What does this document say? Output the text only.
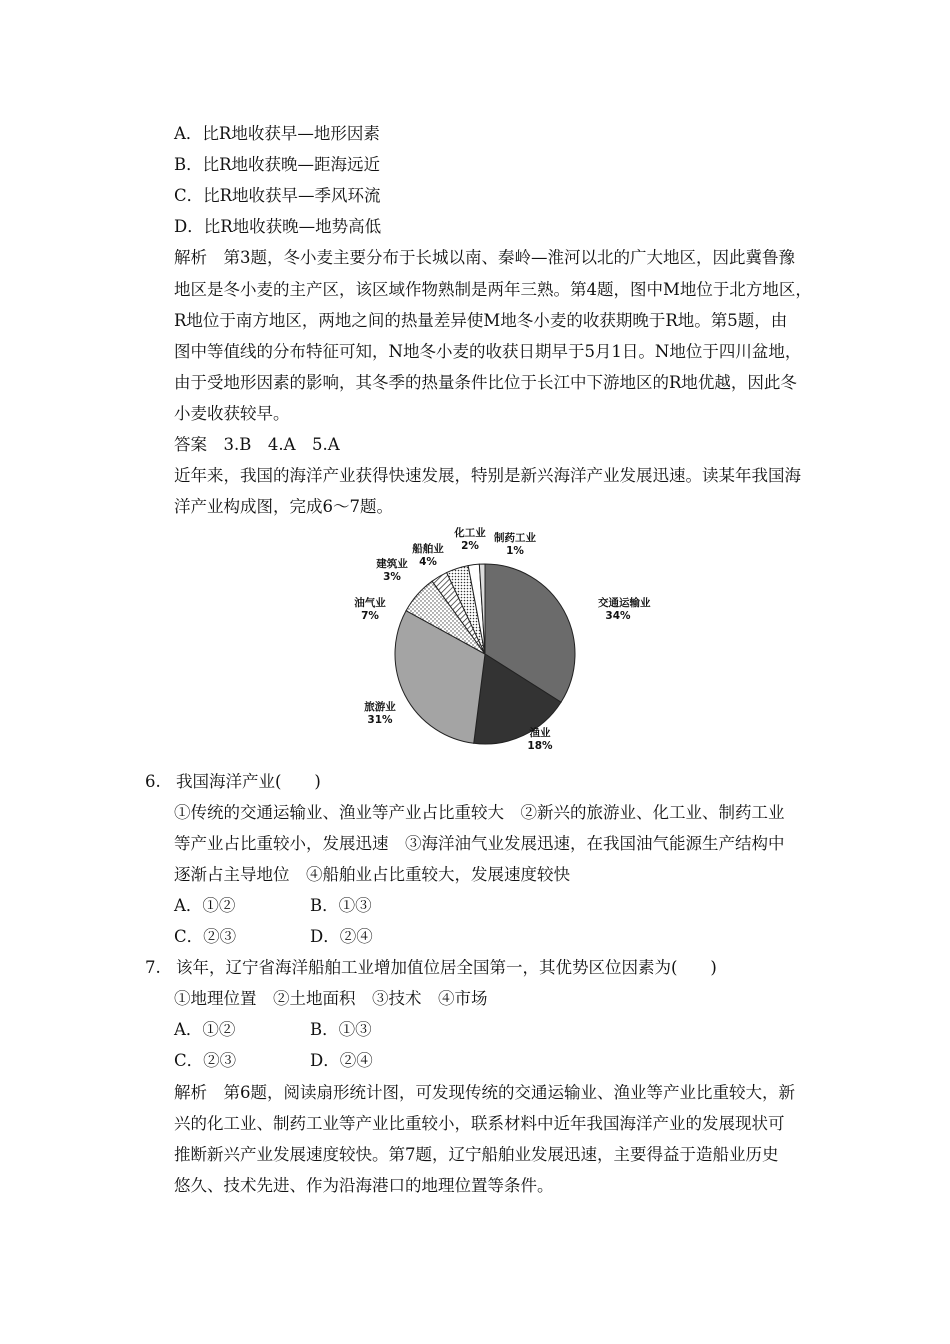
A．比R地收获早—地形因素
B．比R地收获晚—距海远近
C．比R地收获早—季风环流
D．比R地收获晚—地势高低
解析　第3题，冬小麦主要分布于长城以南、秦岭—淮河以北的广大地区，因此冀鲁豫
地区是冬小麦的主产区，该区域作物熟制是两年三熟。第4题，图中M地位于北方地区，
R地位于南方地区，两地之间的热量差异使M地冬小麦的收获期晚于R地。第5题，由
图中等值线的分布特征可知，N地冬小麦的收获日期早于5月1日。N地位于四川盆地，
由于受地形因素的影响，其冬季的热量条件比位于长江中下游地区的R地优越，因此冬
小麦收获较早。
答案　3.B　4.A　5.A
近年来，我国的海洋产业获得快速发展，特别是新兴海洋产业发展迅速。读某年我国海
洋产业构成图，完成6～7题。
交通运输业
34%
渔业
18%
旅游业
31%
油气业
7%
建筑业
3%
船舶业
4%
化工业
2%
制药工业
1%
6. 我国海洋产业(　　)
①传统的交通运输业、渔业等产业占比重较大　②新兴的旅游业、化工业、制药工业
等产业占比重较小，发展迅速　③海洋油气业发展迅速，在我国油气能源生产结构中
逐渐占主导地位　④船舶业占比重较大，发展速度较快
A．①②	B．①③
C．②③	D．②④
7. 该年，辽宁省海洋船舶工业增加值位居全国第一，其优势区位因素为(　　)
①地理位置　②土地面积　③技术　④市场
A．①②	B．①③
C．②③	D．②④
解析　第6题，阅读扇形统计图，可发现传统的交通运输业、渔业等产业比重较大，新
兴的化工业、制药工业等产业比重较小，联系材料中近年我国海洋产业的发展现状可
推断新兴产业发展速度较快。第7题，辽宁船舶业发展迅速，主要得益于造船业历史
悠久、技术先进、作为沿海港口的地理位置等条件。
